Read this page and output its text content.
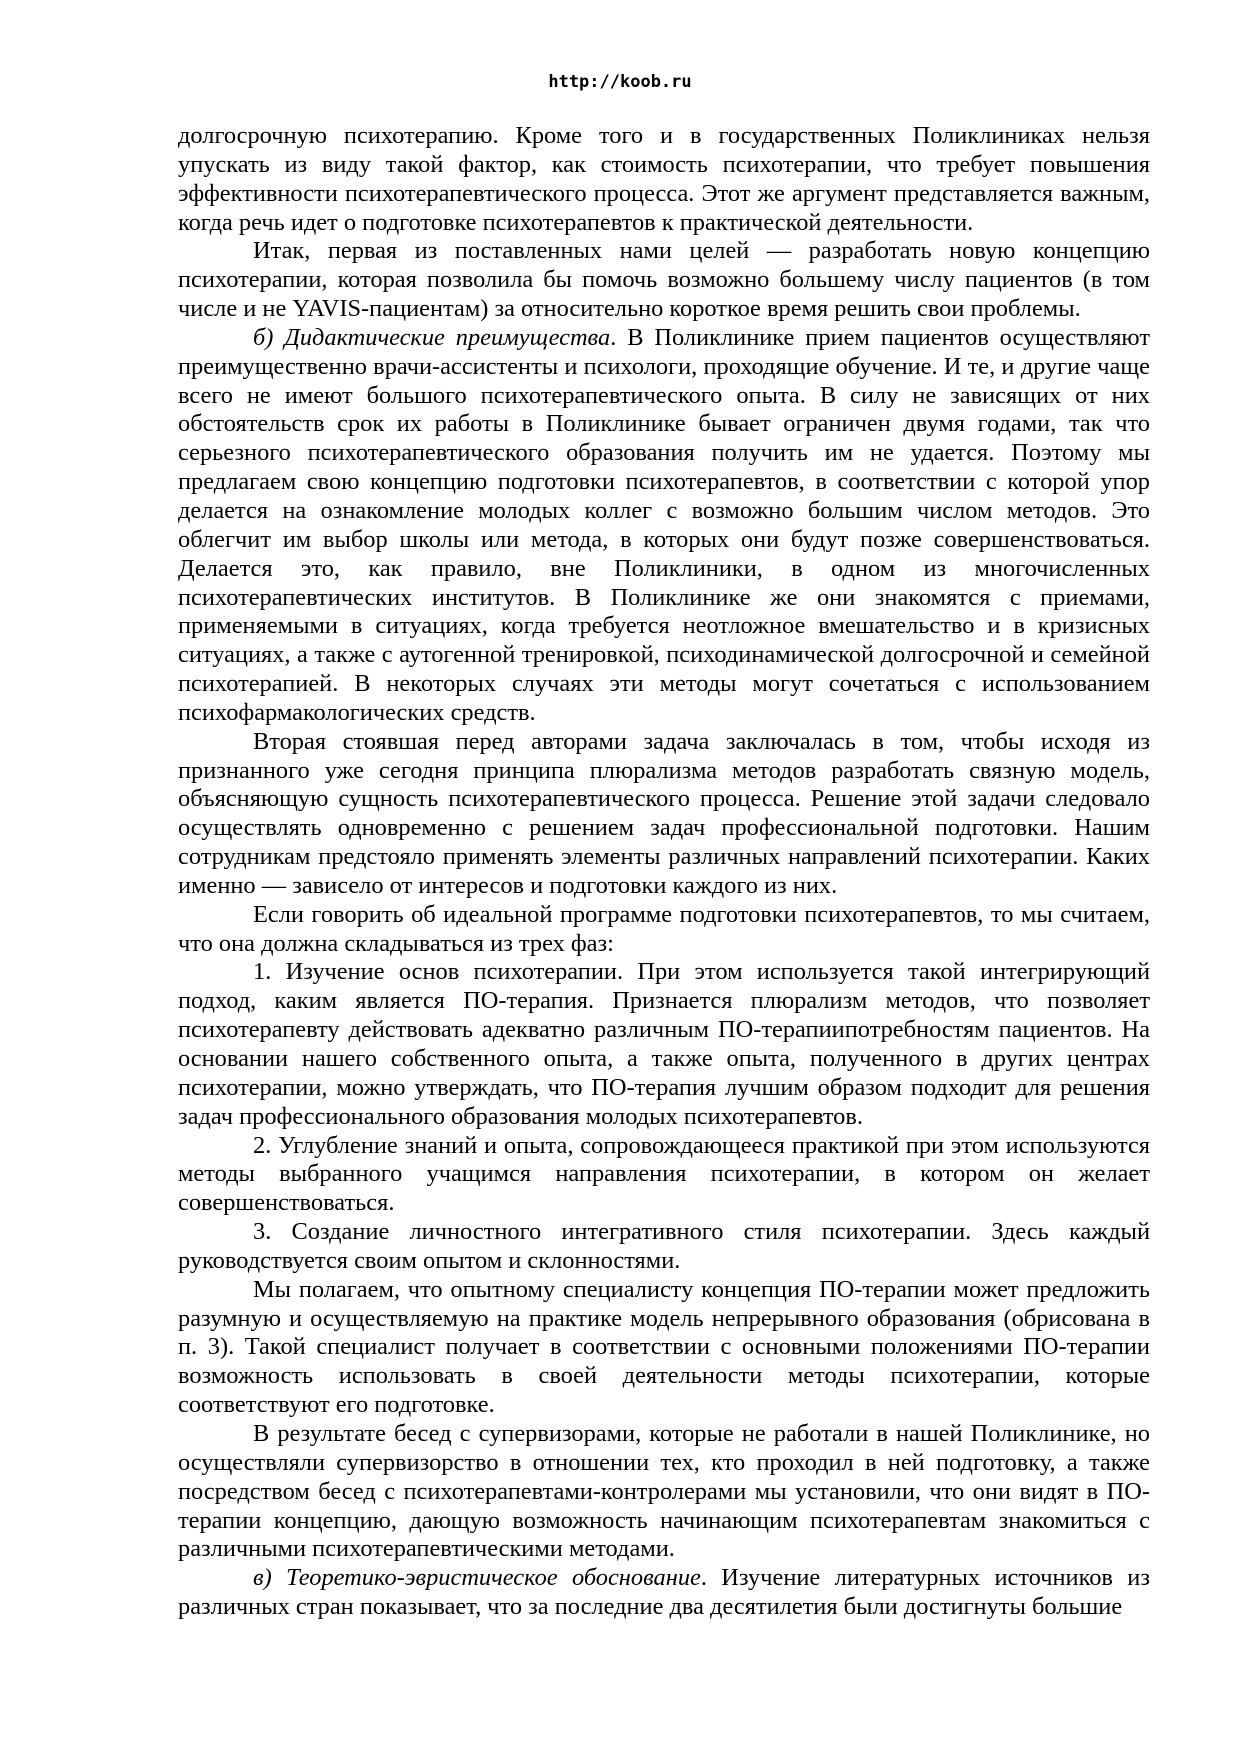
http://koob.ru

долгосрочную психотерапию. Кроме того и в государственных Поликлиниках нельзя упускать из виду такой фактор, как стоимость психотерапии, что требует повышения эффективности психотерапевтического процесса. Этот же аргумент представляется важным, когда речь идет о подготовке психотерапевтов к практической деятельности.

Итак, первая из поставленных нами целей — разработать новую концепцию психотерапии, которая позволила бы помочь возможно большему числу пациентов (в том числе и не YAVIS-пациентам) за относительно короткое время решить свои проблемы.

б) Дидактические преимущества. В Поликлинике прием пациентов осуществляют преимущественно врачи-ассистенты и психологи, проходящие обучение. И те, и другие чаще всего не имеют большого психотерапевтического опыта. В силу не зависящих от них обстоятельств срок их работы в Поликлинике бывает ограничен двумя годами, так что серьезного психотерапевтического образования получить им не удается. Поэтому мы предлагаем свою концепцию подготовки психотерапевтов, в соответствии с которой упор делается на ознакомление молодых коллег с возможно большим числом методов. Это облегчит им выбор школы или метода, в которых они будут позже совершенствоваться. Делается это, как правило, вне Поликлиники, в одном из многочисленных психотерапевтических институтов. В Поликлинике же они знакомятся с приемами, применяемыми в ситуациях, когда требуется неотложное вмешательство и в кризисных ситуациях, а также с аутогенной тренировкой, психодинамической долгосрочной и семейной психотерапией. В некоторых случаях эти методы могут сочетаться с использованием психофармакологических средств.

Вторая стоявшая перед авторами задача заключалась в том, чтобы исходя из признанного уже сегодня принципа плюрализма методов разработать связную модель, объясняющую сущность психотерапевтического процесса. Решение этой задачи следовало осуществлять одновременно с решением задач профессиональной подготовки. Нашим сотрудникам предстояло применять элементы различных направлений психотерапии. Каких именно — зависело от интересов и подготовки каждого из них.

Если говорить об идеальной программе подготовки психотерапевтов, то мы считаем, что она должна складываться из трех фаз:

1. Изучение основ психотерапии. При этом используется такой интегрирующий подход, каким является ПО-терапия. Признается плюрализм методов, что позволяет психотерапевту действовать адекватно различным ПО-терапиипотребностям пациентов. На основании нашего собственного опыта, а также опыта, полученного в других центрах психотерапии, можно утверждать, что ПО-терапия лучшим образом подходит для решения задач профессионального образования молодых психотерапевтов.

2. Углубление знаний и опыта, сопровождающееся практикой при этом используются методы выбранного учащимся направления психотерапии, в котором он желает совершенствоваться.

3. Создание личностного интегративного стиля психотерапии. Здесь каждый руководствуется своим опытом и склонностями.

Мы полагаем, что опытному специалисту концепция ПО-терапии может предложить разумную и осуществляемую на практике модель непрерывного образования (обрисована в п. 3). Такой специалист получает в соответствии с основными положениями ПО-терапии возможность использовать в своей деятельности методы психотерапии, которые соответствуют его подготовке.

В результате бесед с супервизорами, которые не работали в нашей Поликлинике, но осуществляли супервизорство в отношении тех, кто проходил в ней подготовку, а также посредством бесед с психотерапевтами-контролерами мы установили, что они видят в ПО-терапии концепцию, дающую возможность начинающим психотерапевтам знакомиться с различными психотерапевтическими методами.

в) Теоретико-эвристическое обоснование. Изучение литературных источников из различных стран показывает, что за последние два десятилетия были достигнуты большие
